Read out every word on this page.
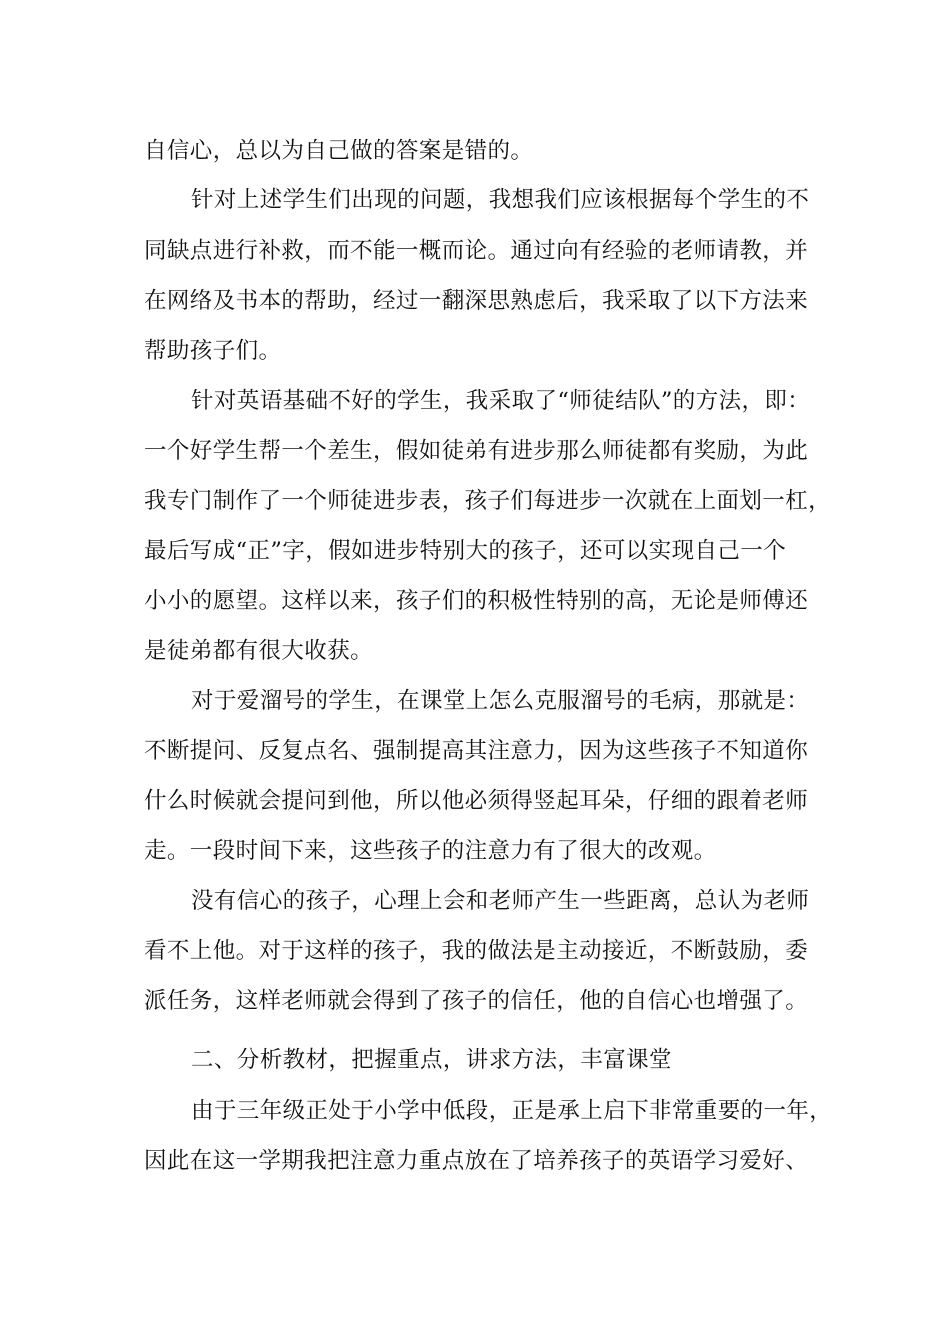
自信心，总以为自己做的答案是错的。
针对上述学生们出现的问题，我想我们应该根据每个学生的不
同缺点进行补救，而不能一概而论。通过向有经验的老师请教，并
在网络及书本的帮助，经过一翻深思熟虑后，我采取了以下方法来
帮助孩子们。
针对英语基础不好的学生，我采取了“师徒结队”的方法，即：
一个好学生帮一个差生，假如徒弟有进步那么师徒都有奖励，为此
我专门制作了一个师徒进步表，孩子们每进步一次就在上面划一杠，
最后写成“正”字，假如进步特别大的孩子，还可以实现自己一个
小小的愿望。这样以来，孩子们的积极性特别的高，无论是师傅还
是徒弟都有很大收获。
对于爱溜号的学生，在课堂上怎么克服溜号的毛病，那就是：
不断提问、反复点名、强制提高其注意力，因为这些孩子不知道你
什么时候就会提问到他，所以他必须得竖起耳朵，仔细的跟着老师
走。一段时间下来，这些孩子的注意力有了很大的改观。
没有信心的孩子，心理上会和老师产生一些距离，总认为老师
看不上他。对于这样的孩子，我的做法是主动接近，不断鼓励，委
派任务，这样老师就会得到了孩子的信任，他的自信心也增强了。
二、分析教材，把握重点，讲求方法，丰富课堂
由于三年级正处于小学中低段，正是承上启下非常重要的一年，
因此在这一学期我把注意力重点放在了培养孩子的英语学习爱好、
